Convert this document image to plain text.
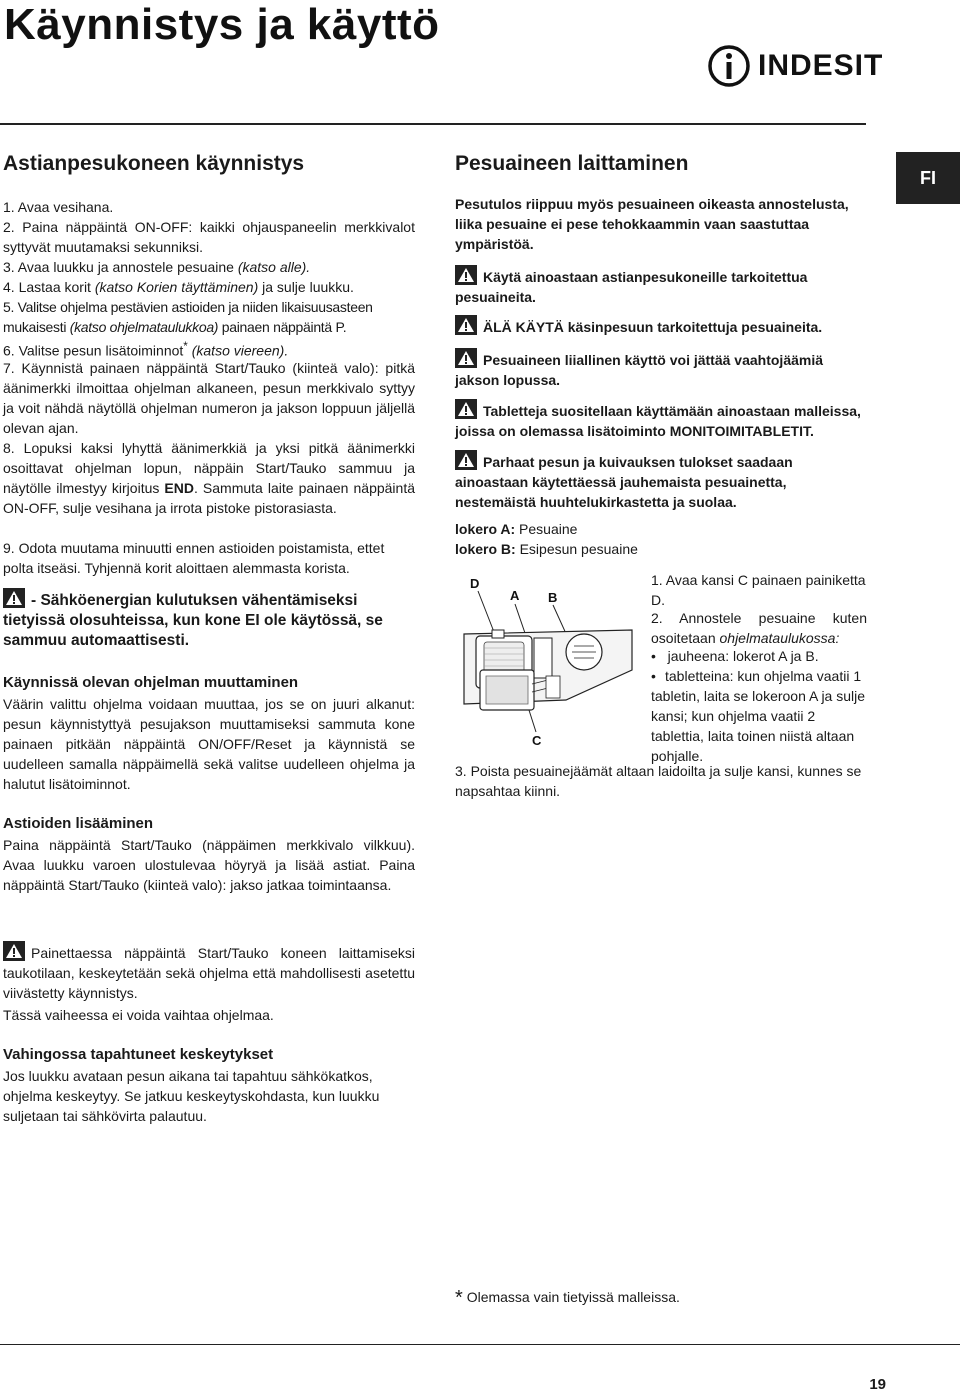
Käynnistys ja käyttö
INDESIT
FI
Astianpesukoneen käynnistys
1. Avaa vesihana.
2. Paina näppäintä ON-OFF: kaikki ohjauspaneelin merkkivalot syttyvät muutamaksi sekunniksi.
3. Avaa luukku ja annostele pesuaine (katso alle).
4. Lastaa korit (katso Korien täyttäminen) ja sulje luukku.
5. Valitse ohjelma pestävien astioiden ja niiden likaisuusasteen mukaisesti (katso ohjelmataulukkoa) painaen näppäintä P.
6. Valitse pesun lisätoiminnot* (katso viereen).
7. Käynnistä painaen näppäintä Start/Tauko (kiinteä valo): pitkä äänimerkki ilmoittaa ohjelman alkaneen, pesun merkkivalo syttyy ja voit nähdä näytöllä ohjelman numeron ja jakson loppuun jäljellä olevan ajan.
8. Lopuksi kaksi lyhyttä äänimerkkiä ja yksi pitkä äänimerkki osoittavat ohjelman lopun, näppäin Start/Tauko sammuu ja näytölle ilmestyy kirjoitus END. Sammuta laite painaen näppäintä ON-OFF, sulje vesihana ja irrota pistoke pistorasiasta.
9. Odota muutama minuutti ennen astioiden poistamista, ettet polta itseäsi. Tyhjennä korit aloittaen alemmasta korista.
- Sähköenergian kulutuksen vähentämiseksi tietyissä olosuhteissa, kun kone EI ole käytössä, se sammuu automaattisesti.
Käynnissä olevan ohjelman muuttaminen
Väärin valittu ohjelma voidaan muuttaa, jos se on juuri alkanut: pesun käynnistyttyä pesujakson muuttamiseksi sammuta kone painaen pitkään näppäintä ON/OFF/Reset ja käynnistä se uudelleen samalla näppäimellä sekä valitse uudelleen ohjelma ja halutut lisätoiminnot.
Astioiden lisääminen
Paina näppäintä Start/Tauko (näppäimen merkkivalo vilkkuu). Avaa luukku varoen ulostulevaa höyryä ja lisää astiat. Paina näppäintä Start/Tauko (kiinteä valo): jakso jatkaa toimintaansa.
Painettaessa näppäintä Start/Tauko koneen laittamiseksi taukotilaan, keskeytetään sekä ohjelma että mahdollisesti asetettu viivästetty käynnistys.
Tässä vaiheessa ei voida vaihtaa ohjelmaa.
Vahingossa tapahtuneet keskeytykset
Jos luukku avataan pesun aikana tai tapahtuu sähkökatkos, ohjelma keskeytyy. Se jatkuu keskeytyskohdasta, kun luukku suljetaan tai sähkövirta palautuu.
Pesuaineen laittaminen
Pesutulos riippuu myös pesuaineen oikeasta annostelusta, liika pesuaine ei pese tehokkaammin vaan saastuttaa ympäristöä.
Käytä ainoastaan astianpesukoneille tarkoitettua pesuaineita.
ÄLÄ KÄYTÄ käsinpesuun tarkoitettuja pesuaineita.
Pesuaineen liiallinen käyttö voi jättää vaahtojäämiä jakson lopussa.
Tabletteja suositellaan käyttämään ainoastaan malleissa, joissa on olemassa lisätoiminto MONITOIMITABLETIT.
Parhaat pesun ja kuivauksen tulokset saadaan ainoastaan käytettäessä jauhemaista pesuainetta, nestemäistä huuhtelukirkastetta ja suolaa.
lokero A: Pesuaine
lokero B: Esipesun pesuaine
D
A B
C
1. Avaa kansi C painaen painiketta D.
2. Annostele pesuaine kuten osoitetaan ohjelmataulukossa:
•   jauheena: lokerot A ja B.
• tabletteina: kun ohjelma vaatii 1 tabletin, laita se lokeroon A ja sulje kansi; kun ohjelma vaatii 2 tablettia, laita toinen niistä altaan pohjalle.
3. Poista pesuainejäämät altaan laidoilta ja sulje kansi, kunnes se napsahtaa kiinni.
* Olemassa vain tietyissä malleissa.
19
